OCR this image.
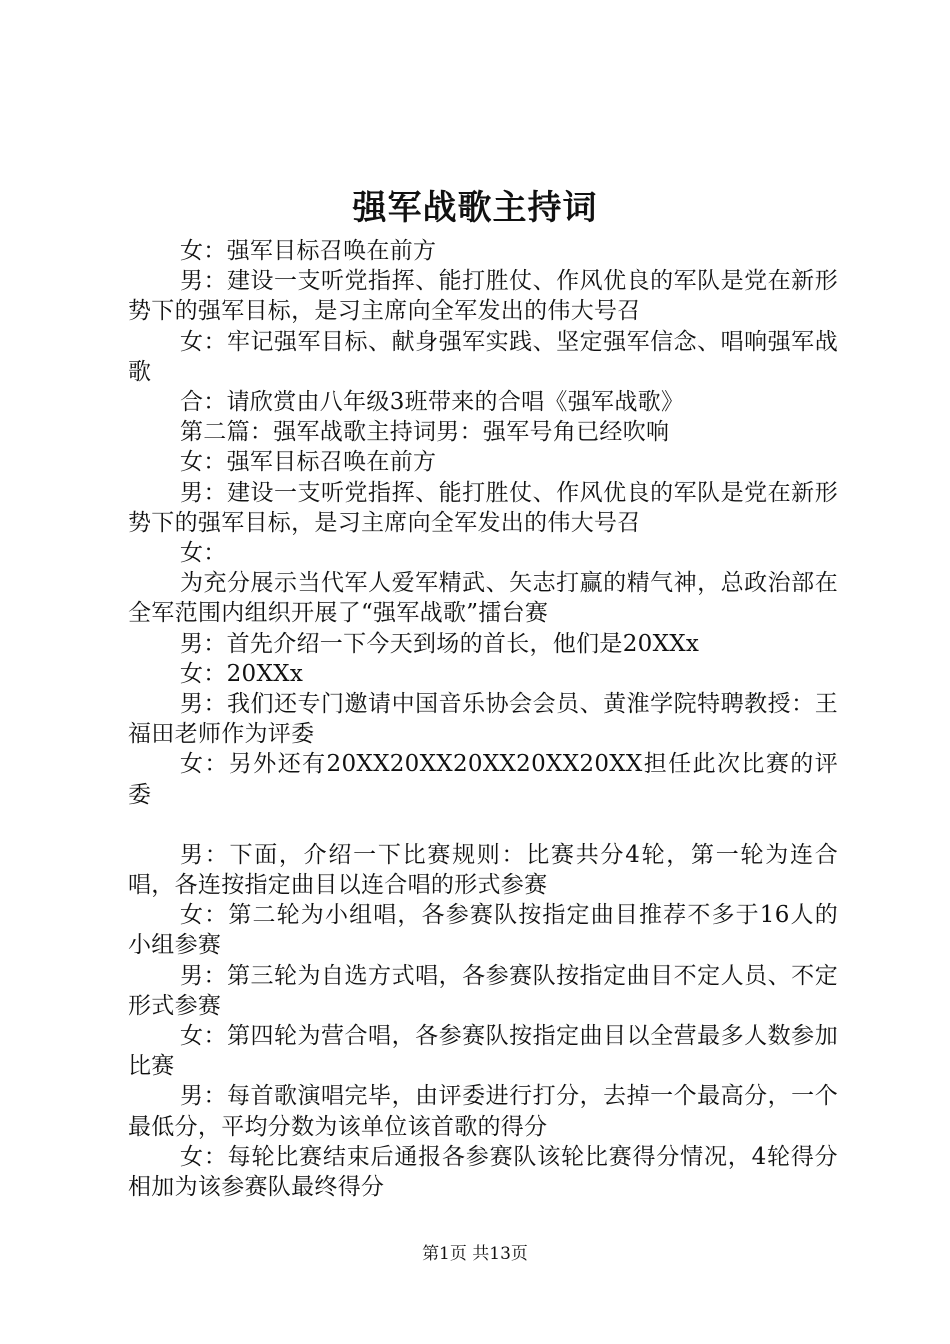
强军战歌主持词

女：强军目标召唤在前方

男：建设一支听党指挥、能打胜仗、作风优良的军队是党在新形势下的强军目标，是习主席向全军发出的伟大号召

女：牢记强军目标、献身强军实践、坚定强军信念、唱响强军战歌

合：请欣赏由八年级3班带来的合唱《强军战歌》

第二篇：强军战歌主持词男：强军号角已经吹响

女：强军目标召唤在前方

男：建设一支听党指挥、能打胜仗、作风优良的军队是党在新形势下的强军目标，是习主席向全军发出的伟大号召

女：

为充分展示当代军人爱军精武、矢志打赢的精气神，总政治部在全军范围内组织开展了“强军战歌”擂台赛

男：首先介绍一下今天到场的首长，他们是20XXx

女：20XXx

男：我们还专门邀请中国音乐协会会员、黄淮学院特聘教授：王福田老师作为评委

女：另外还有20XX20XX20XX20XX20XX担任此次比赛的评委

男：下面，介绍一下比赛规则：比赛共分4轮，第一轮为连合唱，各连按指定曲目以连合唱的形式参赛

女：第二轮为小组唱，各参赛队按指定曲目推荐不多于16人的小组参赛

男：第三轮为自选方式唱，各参赛队按指定曲目不定人员、不定形式参赛

女：第四轮为营合唱，各参赛队按指定曲目以全营最多人数参加比赛

男：每首歌演唱完毕，由评委进行打分，去掉一个最高分，一个最低分，平均分数为该单位该首歌的得分

女：每轮比赛结束后通报各参赛队该轮比赛得分情况，4轮得分相加为该参赛队最终得分

第1页 共13页
